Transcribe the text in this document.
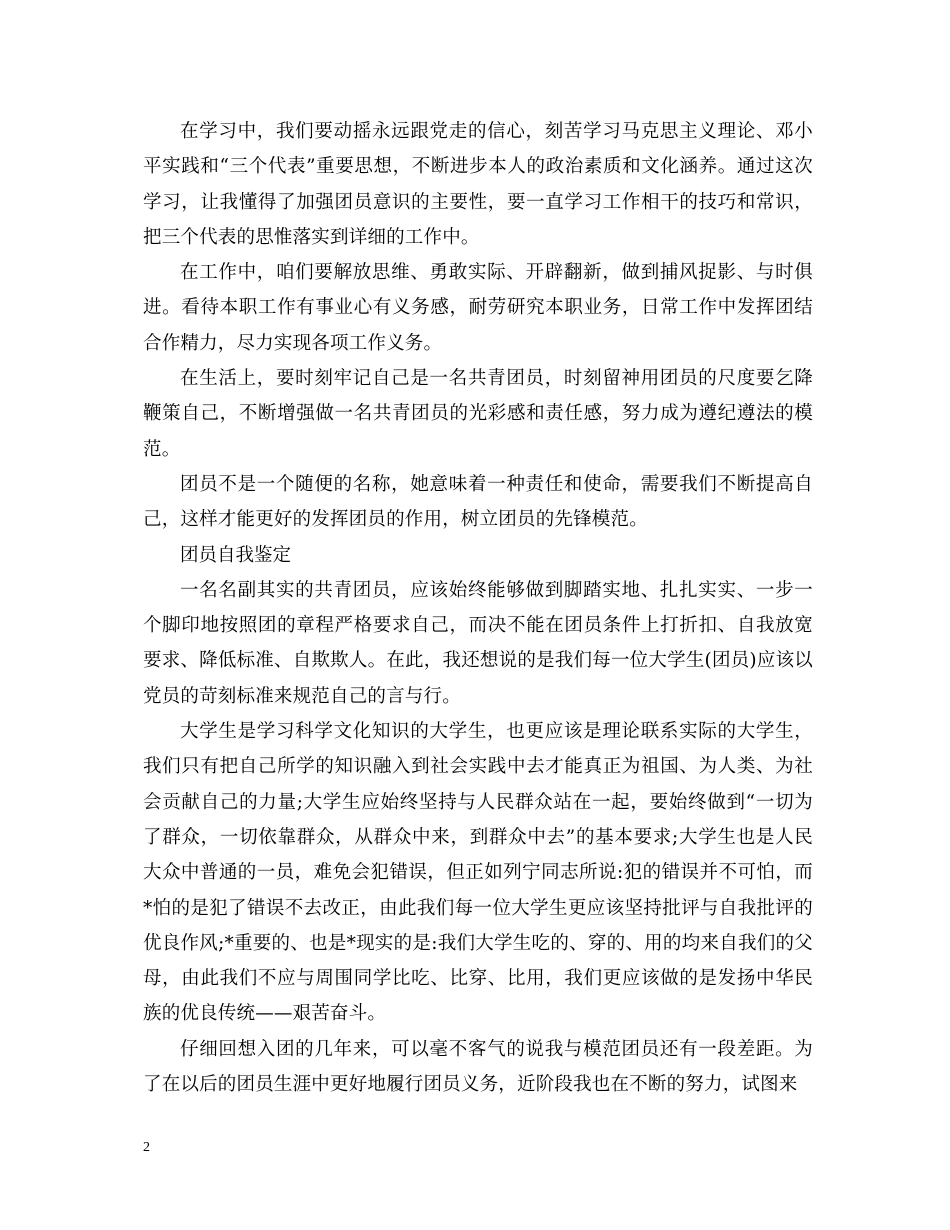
在学习中，我们要动摇永远跟党走的信心，刻苦学习马克思主义理论、邓小平实践和“三个代表”重要思想，不断进步本人的政治素质和文化涵养。通过这次学习，让我懂得了加强团员意识的主要性，要一直学习工作相干的技巧和常识，把三个代表的思惟落实到详细的工作中。

在工作中，咱们要解放思维、勇敢实际、开辟翻新，做到捕风捉影、与时俱进。看待本职工作有事业心有义务感，耐劳研究本职业务，日常工作中发挥团结合作精力，尽力实现各项工作义务。

在生活上，要时刻牢记自己是一名共青团员，时刻留神用团员的尺度要乞降鞭策自己，不断增强做一名共青团员的光彩感和责任感，努力成为遵纪遵法的模范。

团员不是一个随便的名称，她意味着一种责任和使命，需要我们不断提高自己，这样才能更好的发挥团员的作用，树立团员的先锋模范。

团员自我鉴定

一名名副其实的共青团员，应该始终能够做到脚踏实地、扎扎实实、一步一个脚印地按照团的章程严格要求自己，而决不能在团员条件上打折扣、自我放宽要求、降低标准、自欺欺人。在此，我还想说的是我们每一位大学生(团员)应该以党员的苛刻标准来规范自己的言与行。

大学生是学习科学文化知识的大学生，也更应该是理论联系实际的大学生，我们只有把自己所学的知识融入到社会实践中去才能真正为祖国、为人类、为社会贡献自己的力量;大学生应始终坚持与人民群众站在一起，要始终做到“一切为了群众，一切依靠群众，从群众中来，到群众中去”的基本要求;大学生也是人民大众中普通的一员，难免会犯错误，但正如列宁同志所说:犯的错误并不可怕，而*怕的是犯了错误不去改正，由此我们每一位大学生更应该坚持批评与自我批评的优良作风;*重要的、也是*现实的是:我们大学生吃的、穿的、用的均来自我们的父母，由此我们不应与周围同学比吃、比穿、比用，我们更应该做的是发扬中华民族的优良传统——艰苦奋斗。

仔细回想入团的几年来，可以毫不客气的说我与模范团员还有一段差距。为了在以后的团员生涯中更好地履行团员义务，近阶段我也在不断的努力，试图来

2
